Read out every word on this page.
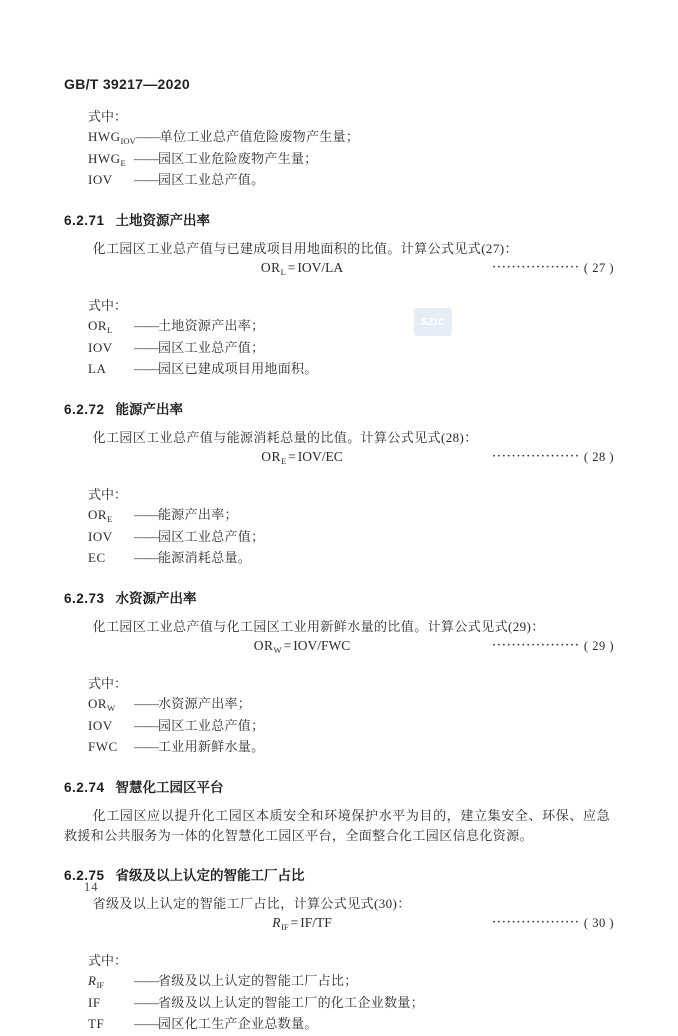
GB/T 39217—2020
式中：
$HWG_{IOV}——$单位工业总产值危险废物产生量；
$HWG_E$ ——园区工业危险废物产生量；
IOV ——园区工业总产值。
6.2.71 土地资源产出率

化工园区工业总产值与已建成项目用地面积的比值。计算公式见式(27)：

$OR_L = IOV/LA$	·················· ( 27 )
式中：
$OR_L$ ——土地资源产出率；
IOV ——园区工业总产值；
LA ——园区已建成项目用地面积。
6.2.72 能源产出率

化工园区工业总产值与能源消耗总量的比值。计算公式见式(28)：

$OR_E = IOV/EC$	·················· ( 28 )
式中：
$OR_E$ ——能源产出率；
IOV ——园区工业总产值；
EC ——能源消耗总量。
6.2.73 水资源产出率

化工园区工业总产值与化工园区工业用新鲜水量的比值。计算公式见式(29)：

$OR_W = IOV/FWC$	·················· ( 29 )
式中：
$OR_W$ ——水资源产出率；
IOV ——园区工业总产值；
FWC ——工业用新鲜水量。
6.2.74 智慧化工园区平台

化工园区应以提升化工园区本质安全和环境保护水平为目的，建立集安全、环保、应急救援和公共服务为一体的化智慧化工园区平台，全面整合化工园区信息化资源。

6.2.75 省级及以上认定的智能工厂占比

省级及以上认定的智能工厂占比，计算公式见式(30)：

$R_{IF} = IF/TF$	·················· ( 30 )
式中：
$R_{IF}$ ——省级及以上认定的智能工厂占比；
IF	——省级及以上认定的智能工厂的化工企业数量；
TF ——园区化工生产企业总数量。
SZIC
14
